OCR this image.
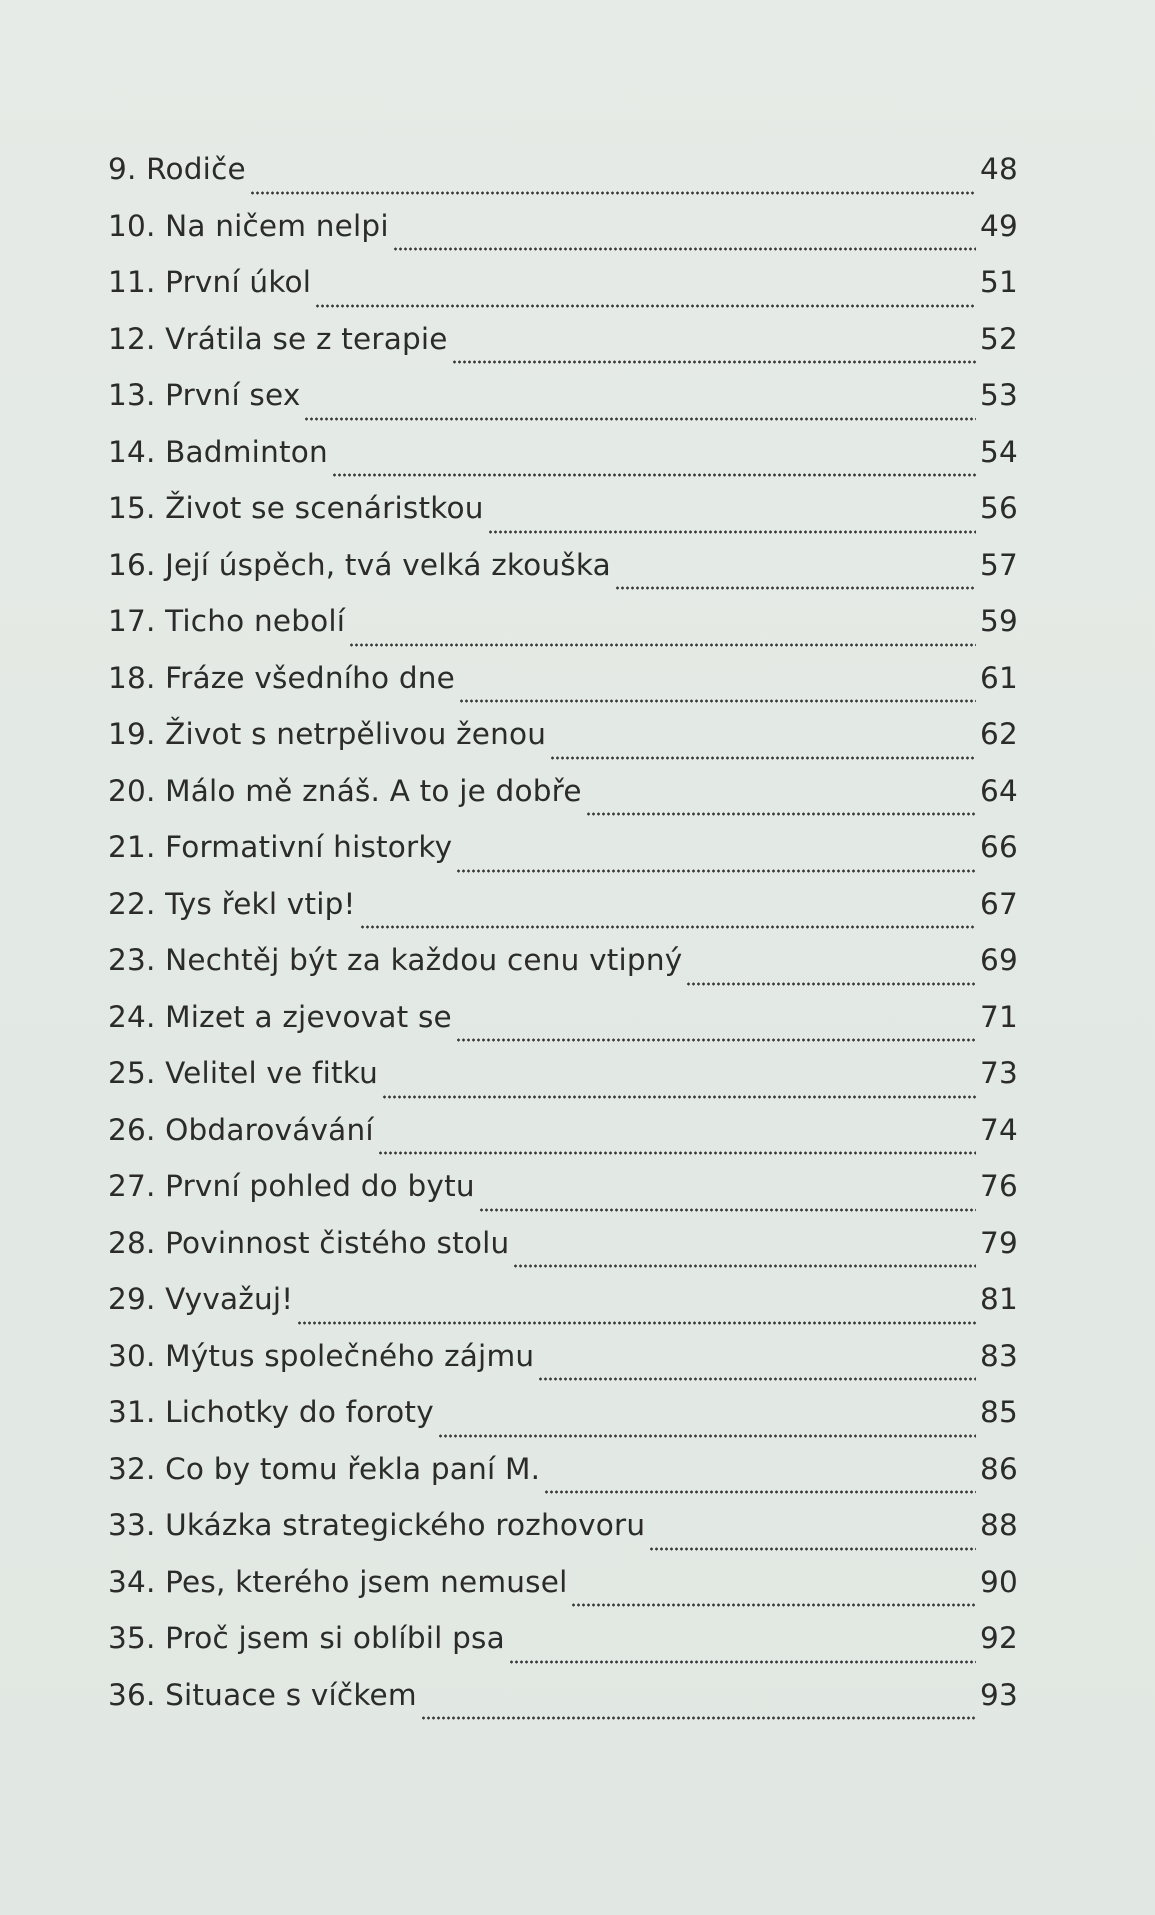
9. Rodiče	48
10. Na ničem nelpi	49
11. První úkol	51
12. Vrátila se z terapie	52
13. První sex	53
14. Badminton	54
15. Život se scenáristkou	56
16. Její úspěch, tvá velká zkouška	57
17. Ticho nebolí	59
18. Fráze všedního dne	61
19. Život s netrpělivou ženou	62
20. Málo mě znáš. A to je dobře	64
21. Formativní historky	66
22. Tys řekl vtip!	67
23. Nechtěj být za každou cenu vtipný	69
24. Mizet a zjevovat se	71
25. Velitel ve fitku	73
26. Obdarovávání	74
27. První pohled do bytu	76
28. Povinnost čistého stolu	79
29. Vyvažuj!	81
30. Mýtus společného zájmu	83
31. Lichotky do foroty	85
32. Co by tomu řekla paní M.	86
33. Ukázka strategického rozhovoru	88
34. Pes, kterého jsem nemusel	90
35. Proč jsem si oblíbil psa	92
36. Situace s víčkem	93
